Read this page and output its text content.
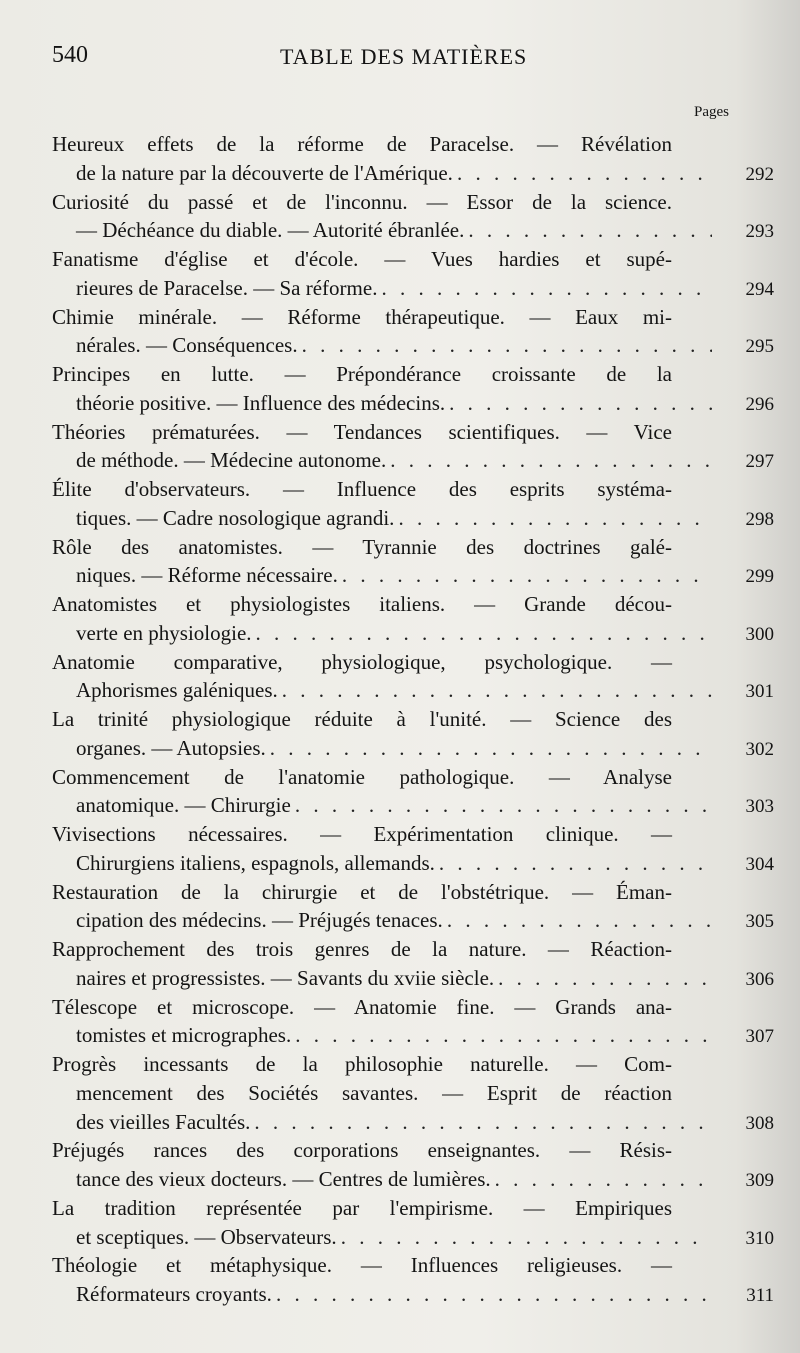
540	TABLE DES MATIÈRES
Pages
Heureux effets de la réforme de Paracelse. — Révélation
de la nature par la découverte de l'Amérique. . . .	292
Curiosité du passé et de l'inconnu. — Essor de la science.
— Déchéance du diable. — Autorité ébranlée. . . .	293
Fanatisme d'église et d'école. — Vues hardies et supé-
rieures de Paracelse. — Sa réforme. . . .	294
Chimie minérale. — Réforme thérapeutique. — Eaux mi-
nérales. — Conséquences. . . .	295
Principes en lutte. — Prépondérance croissante de la
théorie positive. — Influence des médecins. . . .	296
Théories prématurées. — Tendances scientifiques. — Vice
de méthode. — Médecine autonome. . . .	297
Élite d'observateurs. — Influence des esprits systéma-
tiques. — Cadre nosologique agrandi. . . .	298
Rôle des anatomistes. — Tyrannie des doctrines galé-
niques. — Réforme nécessaire. . . .	299
Anatomistes et physiologistes italiens. — Grande décou-
verte en physiologie. . . .	300
Anatomie comparative, physiologique, psychologique. —
Aphorismes galéniques. . . .	301
La trinité physiologique réduite à l'unité. — Science des
organes. — Autopsies. . . .	302
Commencement de l'anatomie pathologique. — Analyse
anatomique. — Chirurgie . . .	303
Vivisections nécessaires. — Expérimentation clinique. —
Chirurgiens italiens, espagnols, allemands. . . .	304
Restauration de la chirurgie et de l'obstétrique. — Éman-
cipation des médecins. — Préjugés tenaces. . . .	305
Rapprochement des trois genres de la nature. — Réaction-
naires et progressistes. — Savants du xviie siècle. . . .	306
Télescope et microscope. — Anatomie fine. — Grands ana-
tomistes et micrographes. . . .	307
Progrès incessants de la philosophie naturelle. — Com-
mencement des Sociétés savantes. — Esprit de réaction
des vieilles Facultés. . . .	308
Préjugés rances des corporations enseignantes. — Résis-
tance des vieux docteurs. — Centres de lumières. . . .	309
La tradition représentée par l'empirisme. — Empiriques
et sceptiques. — Observateurs. . . .	310
Théologie et métaphysique. — Influences religieuses. —
Réformateurs croyants. . . .	311
